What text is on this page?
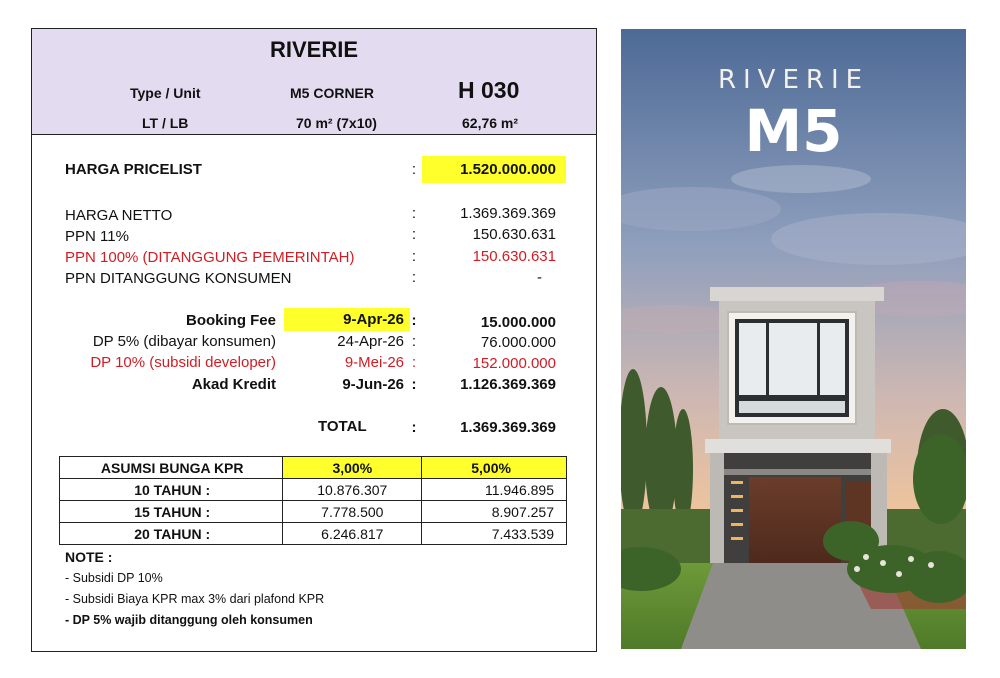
RIVERIE
Type / Unit	M5 CORNER	H 030
LT / LB	70 m² (7x10)	62,76 m²
HARGA PRICELIST	:	1.520.000.000
HARGA NETTO	:	1.369.369.369
PPN 11%	:	150.630.631
PPN 100% (DITANGGUNG PEMERINTAH)	:	150.630.631
PPN DITANGGUNG KONSUMEN	:	-
Booking Fee	9-Apr-26 :	15.000.000
DP 5% (dibayar konsumen)	24-Apr-26 :	76.000.000
DP 10% (subsidi developer)	9-Mei-26 :	152.000.000
Akad Kredit	9-Jun-26 :	1.126.369.369
TOTAL	:	1.369.369.369
ASUMSI BUNGA KPR	3,00%	5,00%
10 TAHUN :	10.876.307	11.946.895
15 TAHUN :	7.778.500	8.907.257
20 TAHUN :	6.246.817	7.433.539
NOTE :
- Subsidi DP 10%
- Subsidi Biaya KPR max 3% dari plafond KPR
- DP 5% wajib ditanggung oleh konsumen
RIVERIE
M5
